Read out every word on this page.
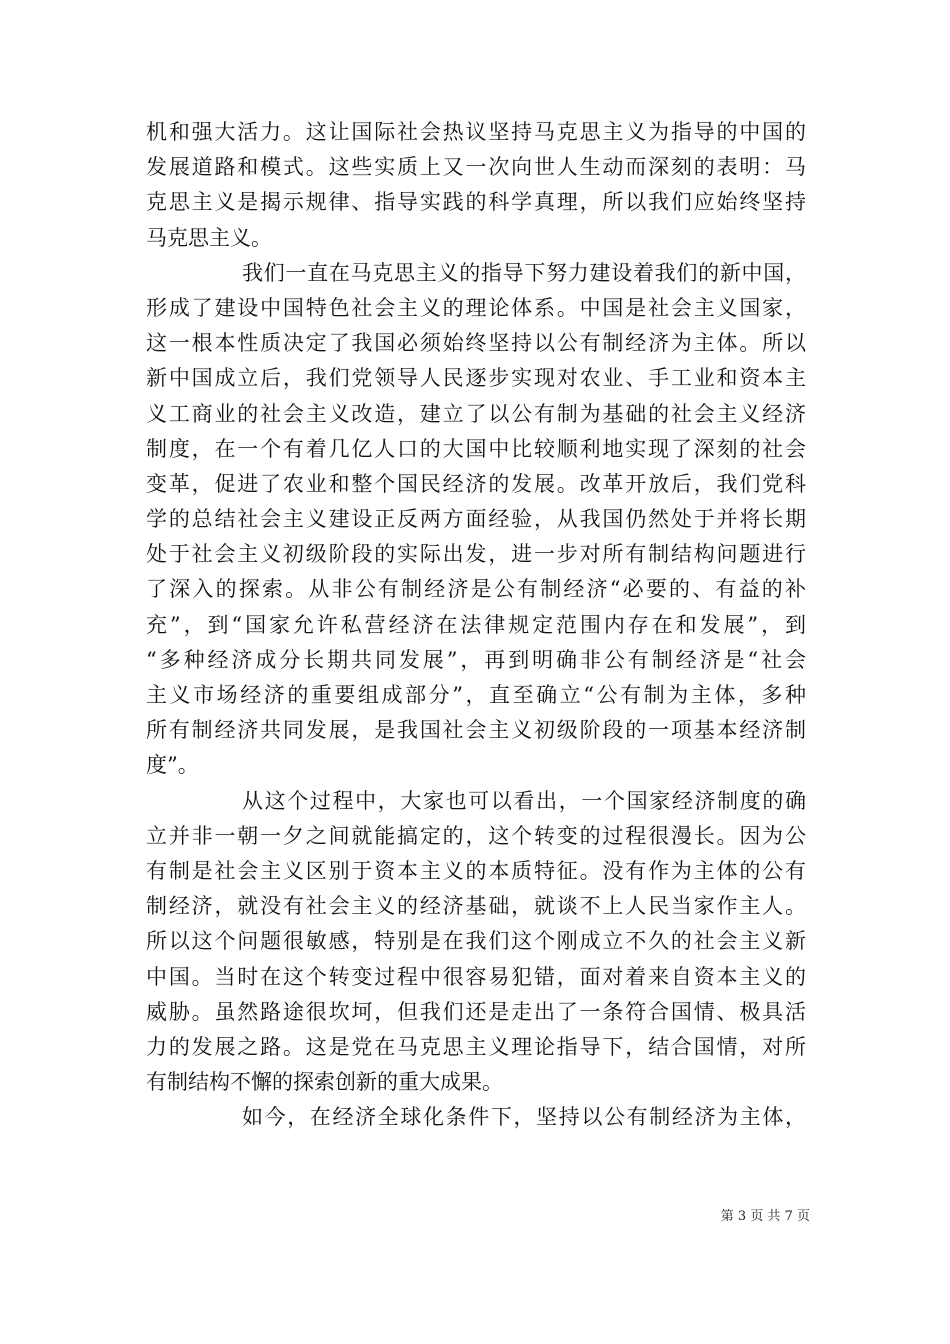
机和强大活力。这让国际社会热议坚持马克思主义为指导的中国的
发展道路和模式。这些实质上又一次向世人生动而深刻的表明：马
克思主义是揭示规律、指导实践的科学真理，所以我们应始终坚持
马克思主义。
我们一直在马克思主义的指导下努力建设着我们的新中国，
形成了建设中国特色社会主义的理论体系。中国是社会主义国家，
这一根本性质决定了我国必须始终坚持以公有制经济为主体。所以
新中国成立后，我们党领导人民逐步实现对农业、手工业和资本主
义工商业的社会主义改造，建立了以公有制为基础的社会主义经济
制度，在一个有着几亿人口的大国中比较顺利地实现了深刻的社会
变革，促进了农业和整个国民经济的发展。改革开放后，我们党科
学的总结社会主义建设正反两方面经验，从我国仍然处于并将长期
处于社会主义初级阶段的实际出发，进一步对所有制结构问题进行
了深入的探索。从非公有制经济是公有制经济“必要的、有益的补
充”，到“国家允许私营经济在法律规定范围内存在和发展”，到
“多种经济成分长期共同发展”，再到明确非公有制经济是“社会
主义市场经济的重要组成部分”，直至确立“公有制为主体，多种
所有制经济共同发展，是我国社会主义初级阶段的一项基本经济制
度”。
从这个过程中，大家也可以看出，一个国家经济制度的确
立并非一朝一夕之间就能搞定的，这个转变的过程很漫长。因为公
有制是社会主义区别于资本主义的本质特征。没有作为主体的公有
制经济，就没有社会主义的经济基础，就谈不上人民当家作主人。
所以这个问题很敏感，特别是在我们这个刚成立不久的社会主义新
中国。当时在这个转变过程中很容易犯错，面对着来自资本主义的
威胁。虽然路途很坎坷，但我们还是走出了一条符合国情、极具活
力的发展之路。这是党在马克思主义理论指导下，结合国情，对所
有制结构不懈的探索创新的重大成果。
如今，在经济全球化条件下，坚持以公有制经济为主体，
第 3 页 共 7 页
